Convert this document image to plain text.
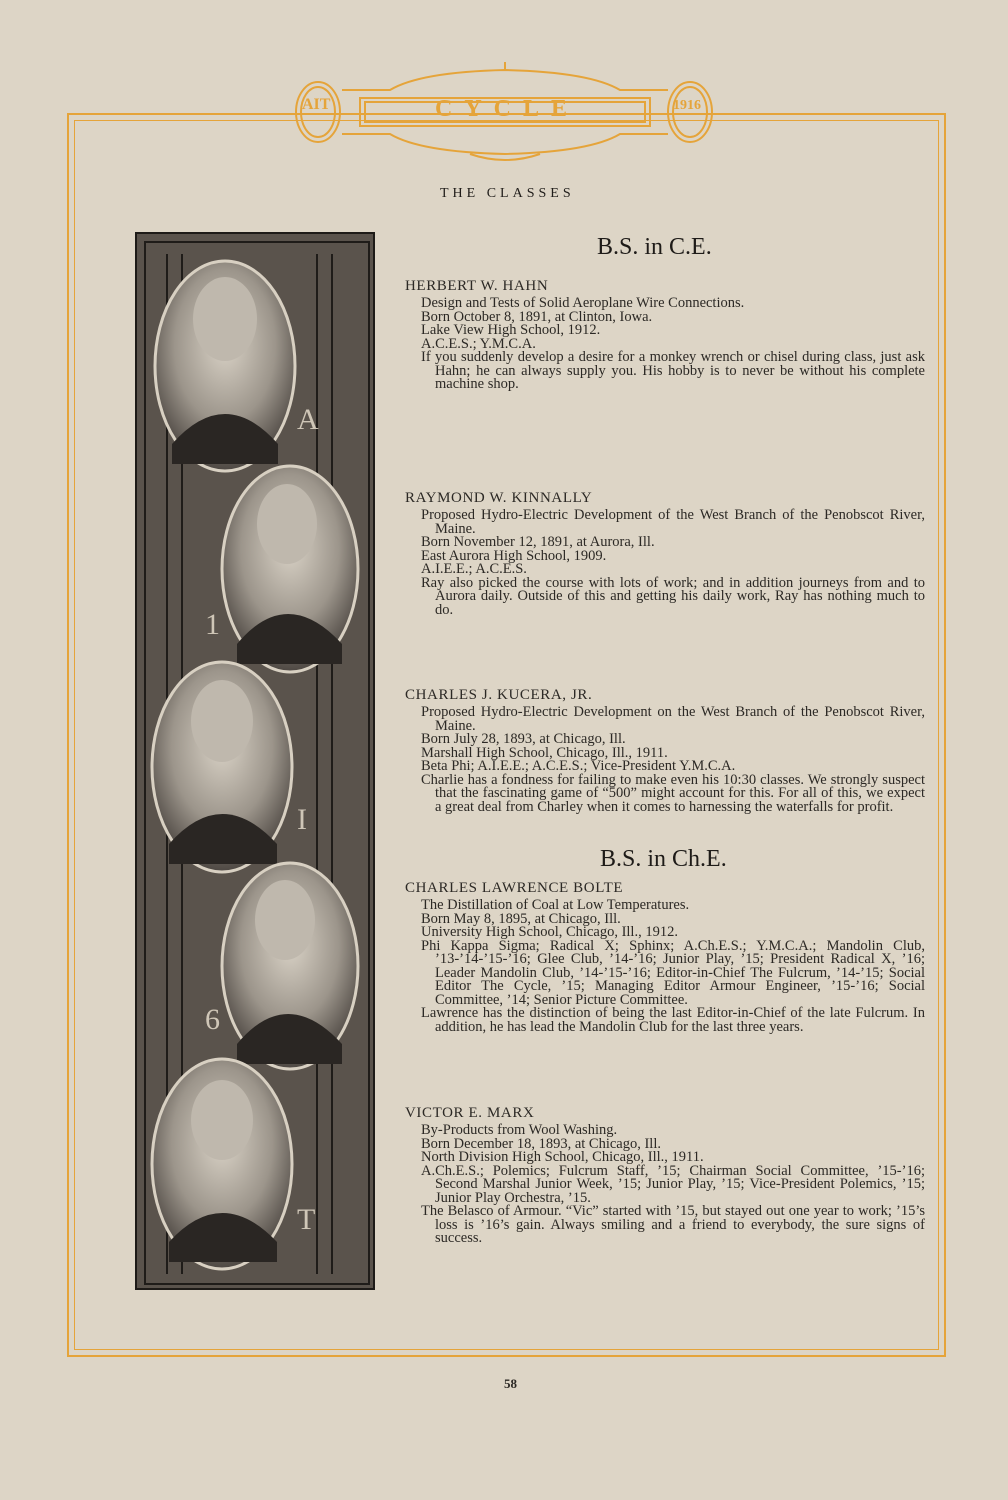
AIT	CYCLE	1916
THE CLASSES
A
1
I
6
T
B.S. in C.E.
B.S. in Ch.E.
HERBERT W. HAHN
Design and Tests of Solid Aeroplane Wire Connections.
Born October 8, 1891, at Clinton, Iowa.
Lake View High School, 1912.
A.C.E.S.; Y.M.C.A.
If you suddenly develop a desire for a monkey wrench or chisel during class, just ask Hahn; he can always supply you. His hobby is to never be without his complete machine shop.
RAYMOND W. KINNALLY
Proposed Hydro-Electric Development of the West Branch of the Penobscot River, Maine.
Born November 12, 1891, at Aurora, Ill.
East Aurora High School, 1909.
A.I.E.E.; A.C.E.S.
Ray also picked the course with lots of work; and in addition journeys from and to Aurora daily. Outside of this and getting his daily work, Ray has nothing much to do.
CHARLES J. KUCERA, JR.
Proposed Hydro-Electric Development on the West Branch of the Penobscot River, Maine.
Born July 28, 1893, at Chicago, Ill.
Marshall High School, Chicago, Ill., 1911.
Beta Phi; A.I.E.E.; A.C.E.S.; Vice-President Y.M.C.A.
Charlie has a fondness for failing to make even his 10:30 classes. We strongly suspect that the fascinating game of “500” might account for this. For all of this, we expect a great deal from Charley when it comes to harnessing the waterfalls for profit.
CHARLES LAWRENCE BOLTE
The Distillation of Coal at Low Temperatures.
Born May 8, 1895, at Chicago, Ill.
University High School, Chicago, Ill., 1912.
Phi Kappa Sigma; Radical X; Sphinx; A.Ch.E.S.; Y.M.C.A.; Mandolin Club, ’13-’14-’15-’16; Glee Club, ’14-’16; Junior Play, ’15; President Radical X, ’16; Leader Mandolin Club, ’14-’15-’16; Editor-in-Chief The Fulcrum, ’14-’15; Social Editor The Cycle, ’15; Managing Editor Armour Engineer, ’15-’16; Social Committee, ’14; Senior Picture Committee.
Lawrence has the distinction of being the last Editor-in-Chief of the late Fulcrum. In addition, he has lead the Mandolin Club for the last three years.
VICTOR E. MARX
By-Products from Wool Washing.
Born December 18, 1893, at Chicago, Ill.
North Division High School, Chicago, Ill., 1911.
A.Ch.E.S.; Polemics; Fulcrum Staff, ’15; Chairman Social Committee, ’15-’16; Second Marshal Junior Week, ’15; Junior Play, ’15; Vice-President Polemics, ’15; Junior Play Orchestra, ’15.
The Belasco of Armour. “Vic” started with ’15, but stayed out one year to work; ’15’s loss is ’16’s gain. Always smiling and a friend to everybody, the sure signs of success.
58
